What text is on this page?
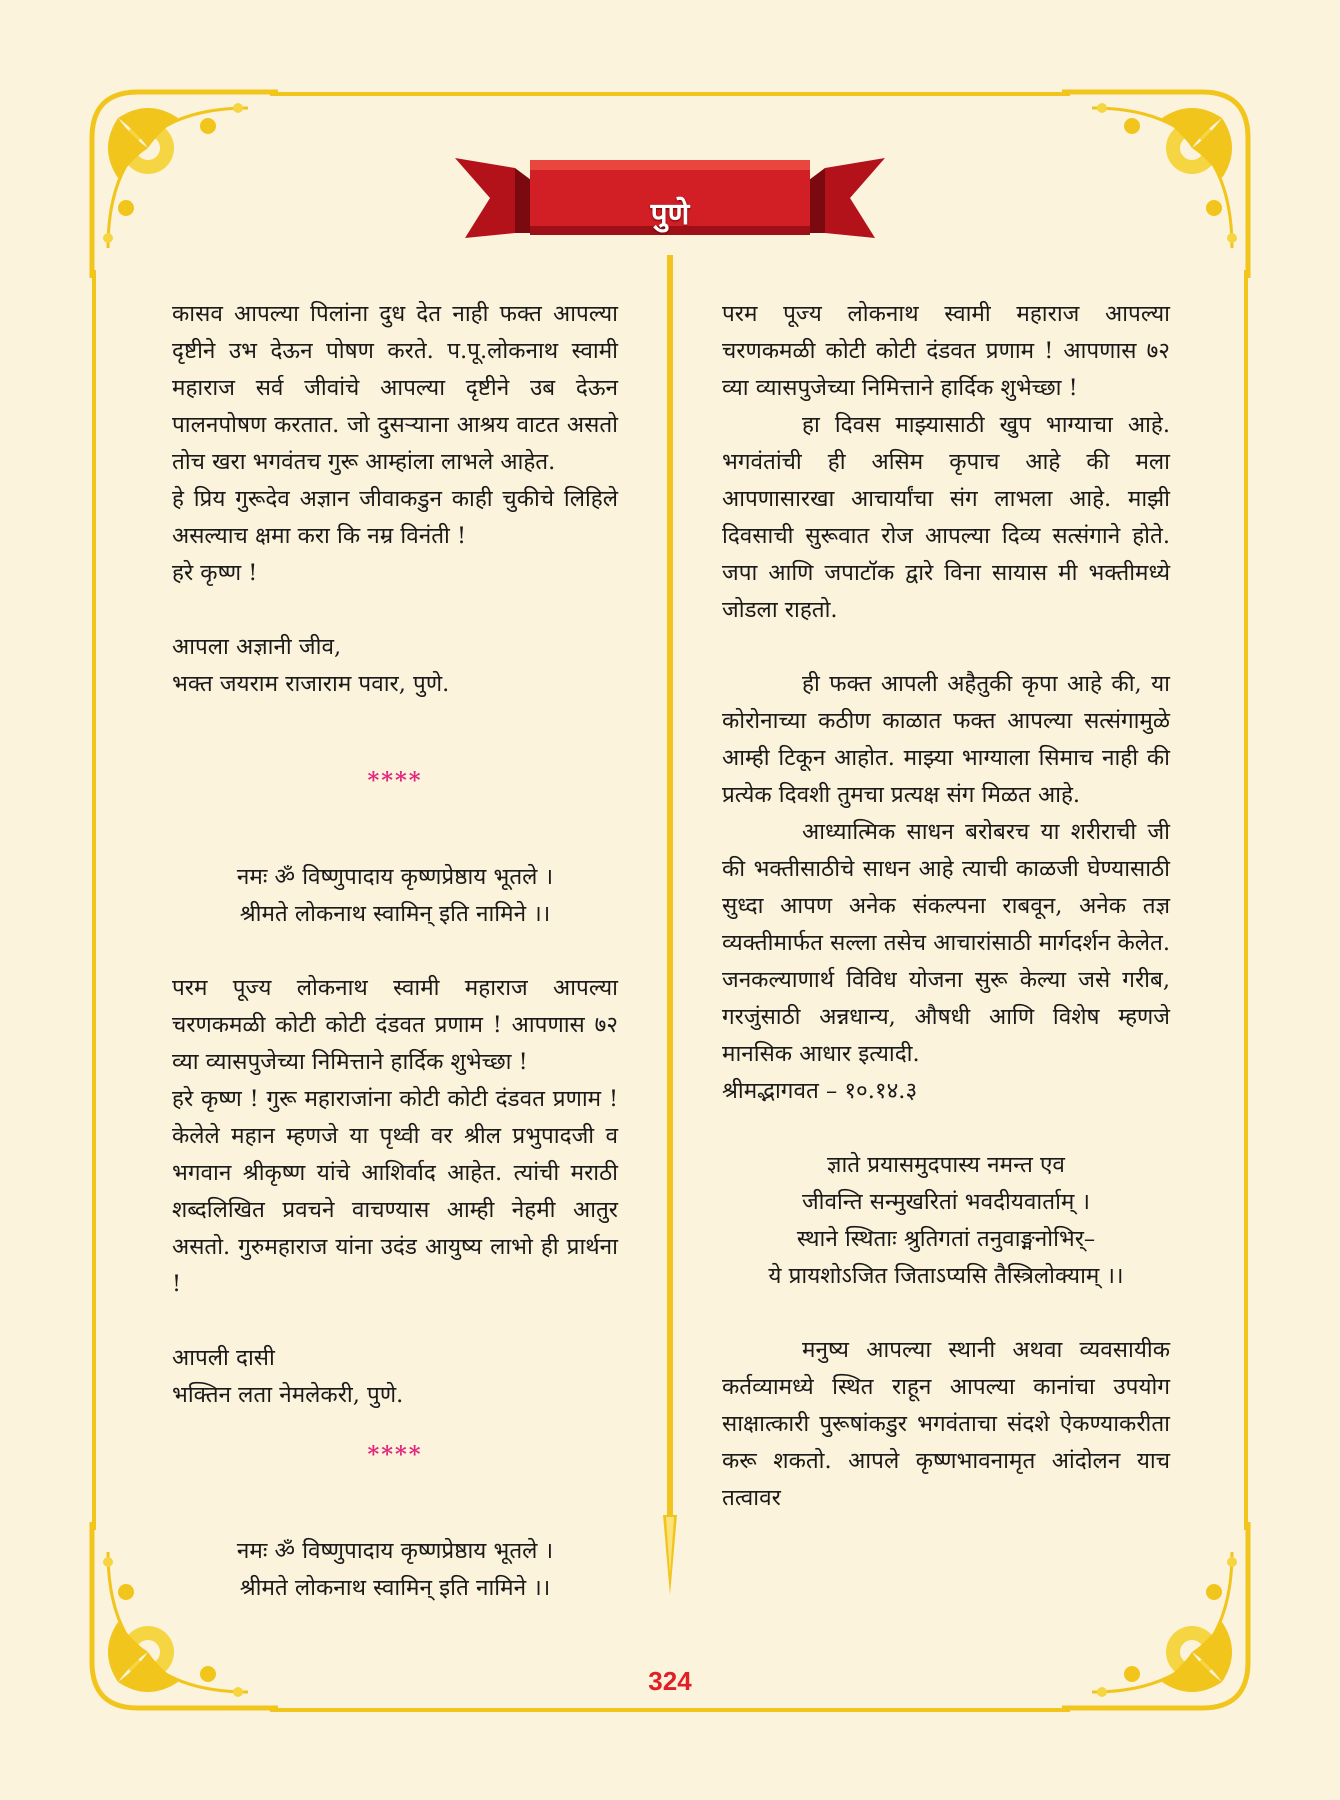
पुणे

कासव आपल्या पिलांना दुध देत नाही फक्त आपल्या दृष्टीने उभ देऊन पोषण करते. प.पू.लोकनाथ स्वामी महाराज सर्व जीवांचे आपल्या दृष्टीने उब देऊन पालनपोषण करतात. जो दुसऱ्याना आश्रय वाटत असतो तोच खरा भगवंतच गुरू आम्हांला लाभले आहेत.

हे प्रिय गुरूदेव अज्ञान जीवाकडुन काही चुकीचे लिहिले असल्याच क्षमा करा कि नम्र विनंती !

हरे कृष्ण !

आपला अज्ञानी जीव,

भक्त जयराम राजाराम पवार, पुणे.

****

नमः ॐ विष्णुपादाय कृष्णप्रेष्ठाय भूतले ।

श्रीमते लोकनाथ स्वामिन् इति नामिने ।।

परम पूज्य लोकनाथ स्वामी महाराज आपल्या चरणकमळी कोटी कोटी दंडवत प्रणाम ! आपणास ७२ व्या व्यासपुजेच्या निमित्ताने हार्दिक शुभेच्छा !

हरे कृष्ण ! गुरू महाराजांना कोटी कोटी दंडवत प्रणाम ! केलेले महान म्हणजे या पृथ्वी वर श्रील प्रभुपादजी व भगवान श्रीकृष्ण यांचे आशिर्वाद आहेत. त्यांची मराठी शब्दलिखित प्रवचने वाचण्यास आम्ही नेहमी आतुर असतो. गुरुमहाराज यांना उदंड आयुष्य लाभो ही प्रार्थना !

आपली दासी

भक्तिन लता नेमलेकरी, पुणे.

****

नमः ॐ विष्णुपादाय कृष्णप्रेष्ठाय भूतले ।

श्रीमते लोकनाथ स्वामिन् इति नामिने ।।

परम पूज्य लोकनाथ स्वामी महाराज आपल्या चरणकमळी कोटी कोटी दंडवत प्रणाम ! आपणास ७२ व्या व्यासपुजेच्या निमित्ताने हार्दिक शुभेच्छा !

हा दिवस माझ्यासाठी खुप भाग्याचा आहे. भगवंतांची ही असिम कृपाच आहे की मला आपणासारखा आचार्यांचा संग लाभला आहे. माझी दिवसाची सुरूवात रोज आपल्या दिव्य सत्संगाने होते. जपा आणि जपाटॉक द्वारे विना सायास मी भक्तीमध्ये जोडला राहतो.

ही फक्त आपली अहैतुकी कृपा आहे की, या कोरोनाच्या कठीण काळात फक्त आपल्या सत्संगामुळे आम्ही टिकून आहोत. माझ्या भाग्याला सिमाच नाही की प्रत्येक दिवशी तुमचा प्रत्यक्ष संग मिळत आहे.

आध्यात्मिक साधन बरोबरच या शरीराची जी की भक्तीसाठीचे साधन आहे त्याची काळजी घेण्यासाठी सुध्दा आपण अनेक संकल्पना राबवून, अनेक तज्ञ व्यक्तीमार्फत सल्ला तसेच आचारांसाठी मार्गदर्शन केलेत. जनकल्याणार्थ विविध योजना सुरू केल्या जसे गरीब, गरजुंसाठी अन्नधान्य, औषधी आणि विशेष म्हणजे मानसिक आधार इत्यादी.

श्रीमद्भागवत – १०.१४.३

ज्ञाते प्रयासमुदपास्य नमन्त एव

जीवन्ति सन्मुखरितां भवदीयवार्ताम् ।

स्थाने स्थिताः श्रुतिगतां तनुवाङ्मनोभिर्–

ये प्रायशोऽजित जिताऽप्यसि तैस्त्रिलोक्याम् ।।

मनुष्य आपल्या स्थानी अथवा व्यवसायीक कर्तव्यामध्ये स्थित राहून आपल्या कानांचा उपयोग साक्षात्कारी पुरूषांकडुर भगवंताचा संदशे ऐकण्याकरीता करू शकतो. आपले कृष्णभावनामृत आंदोलन याच तत्वावर

324
